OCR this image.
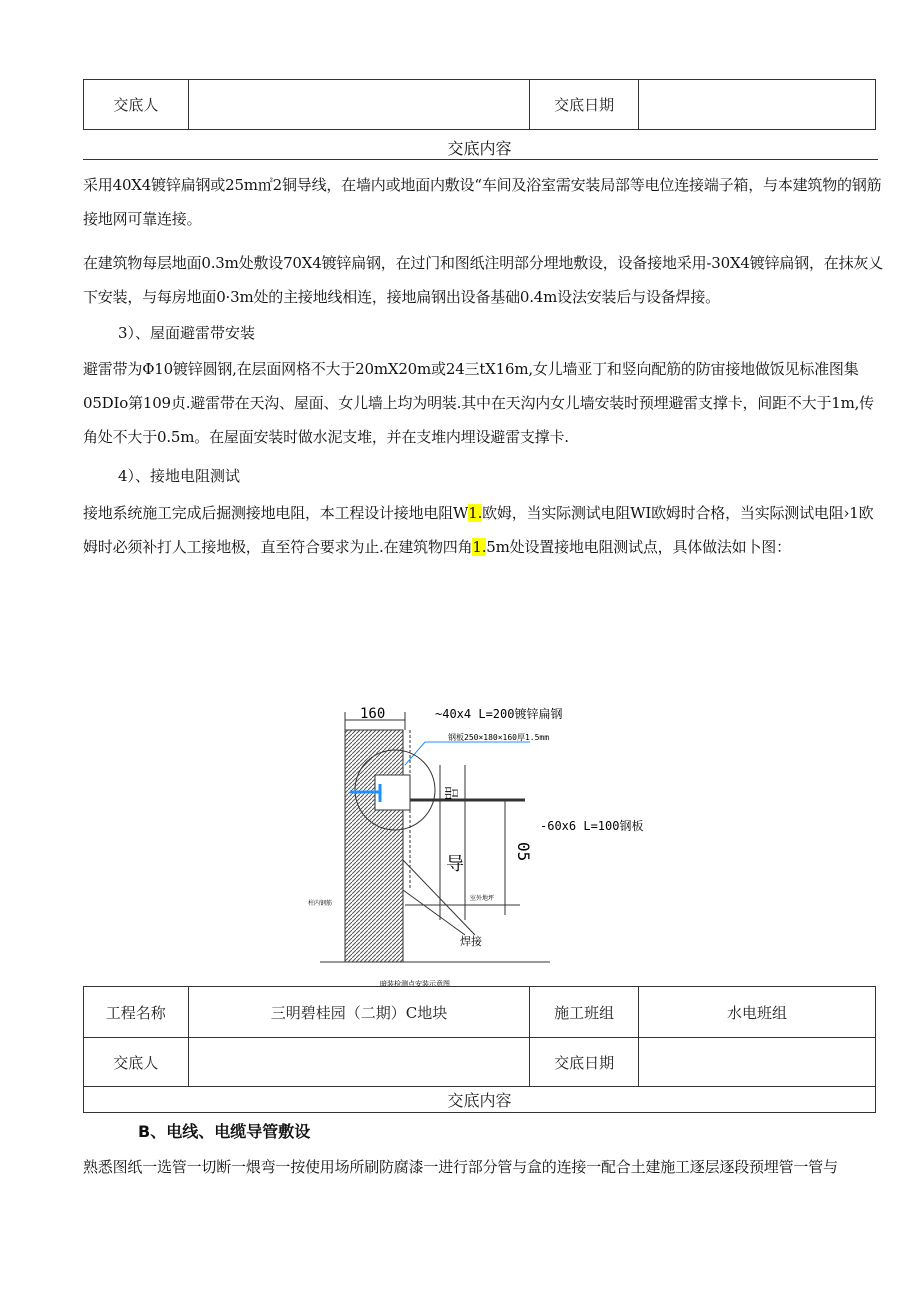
交底人		交底日期	
交底内容
采用40X4镀锌扁钢或25m㎡2铜导线，在墙内或地面内敷设“车间及浴室需安装局部等电位连接端子箱，与本建筑物的钢筋接地网可靠连接。
在建筑物每层地面0.3m处敷设70X4镀锌扁钢，在过门和图纸注明部分埋地敷设，设备接地采用-30X4镀锌扁钢，在抹灰乂下安装，与每房地面0·3m处的主接地线相连，接地扁钢出设备基础0.4m设法安装后与设备焊接。
3）、屋面避雷带安装
避雷带为Φ10镀锌圆钢,在层面网格不大于20mX20m或24三tX16m,女儿墙亚丁和竖向配筋的防宙接地做饭见标准图集05DIo第109贞.避雷带在天沟、屋面、女儿墙上均为明装.其中在天沟内女儿墙安装时预埋避雷支撑卡，间距不大于1m,传角处不大于0.5m。在屋面安装时做水泥支堆，并在支堆内埋设避雷支撑卡.
4）、接地电阻测试
接地系统施工完成后掘测接地电阻，本工程设计接地电阻W1.欧姆，当实际测试电阻WI欧姆时合格，当实际测试电阻›1欧姆时必须补打人工接地极，直至符合要求为止.在建筑物四角1.5m处设置接地电阻测试点，具体做法如卜图：
160	~40x4 L=200镀锌扁钢
钢板250×180×160厚1.5mm
品
导
05
-60x6 L=100钢板
焊接
柱内钢筋
室外地坪
暗装检测点安装示意图
工程名称	三明碧桂园（二期）C地块	施工班组	水电班组
交底人		交底日期	
交底内容			
B、电线、电缆导管敷设
熟悉图纸一选管一切断一煨弯一按使用场所刷防腐漆一进行部分管与盒的连接一配合土建施工逐层逐段预埋管一管与
